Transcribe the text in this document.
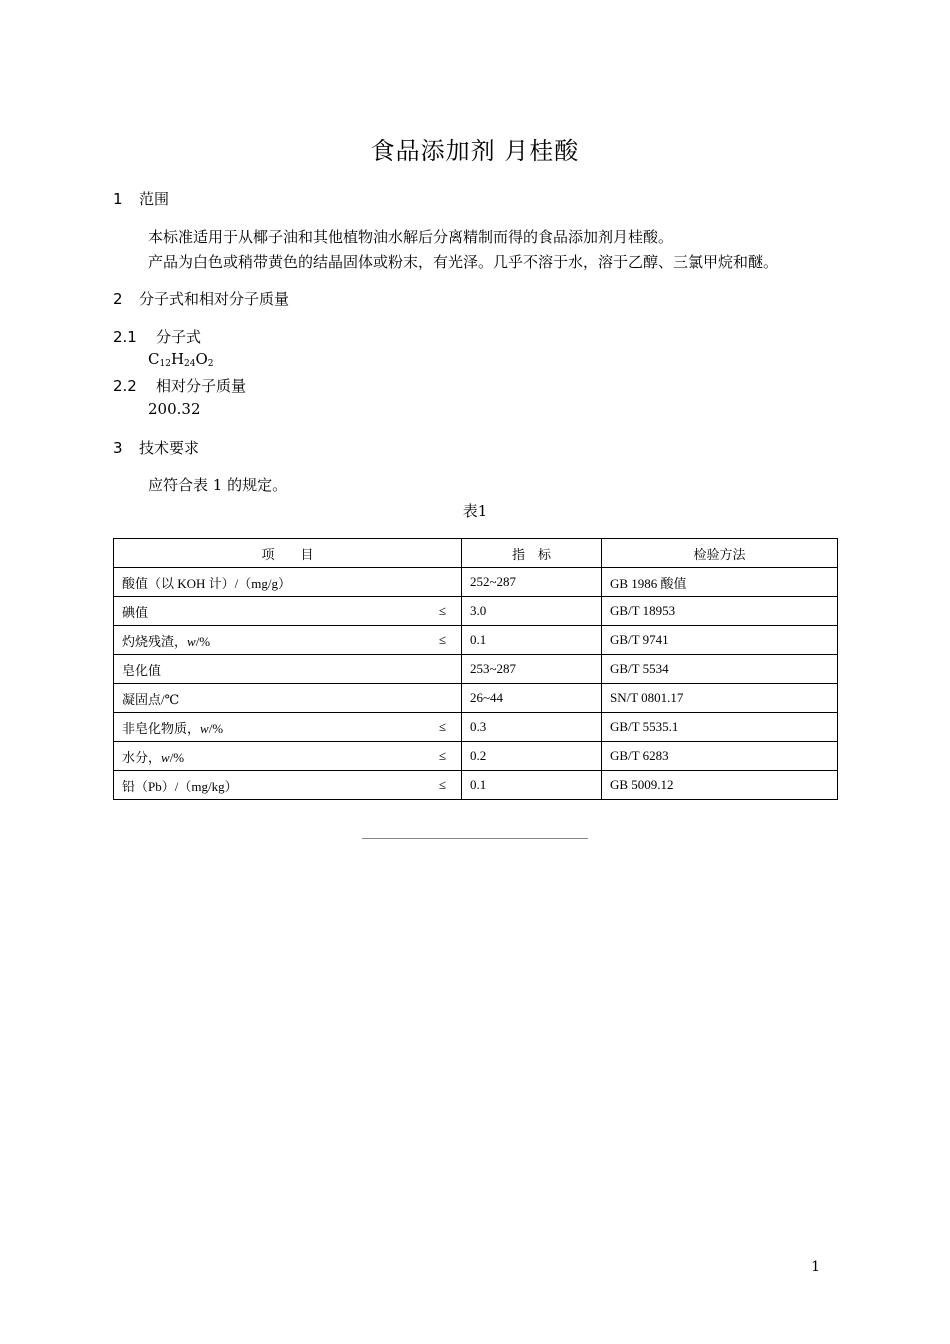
食品添加剂 月桂酸
1 范围
本标准适用于从椰子油和其他植物油水解后分离精制而得的食品添加剂月桂酸。
产品为白色或稍带黄色的结晶固体或粉末，有光泽。几乎不溶于水，溶于乙醇、三氯甲烷和醚。
2 分子式和相对分子质量
2.1 分子式
$C_{12}H_{24}O_2$
2.2 相对分子质量
200.32
3 技术要求
应符合表 1 的规定。
表1
项　　目	指　标	检验方法
酸值（以 KOH 计）/（mg/g）	252~287	GB 1986 酸值
碘值 ≤	3.0	GB/T 18953
灼烧残渣，w/% ≤	0.1	GB/T 9741
皂化值	253~287	GB/T 5534
凝固点/℃	26~44	SN/T 0801.17
非皂化物质，w/% ≤	0.3	GB/T 5535.1
水分，w/% ≤	0.2	GB/T 6283
铅（Pb）/（mg/kg） ≤	0.1	GB 5009.12
1
